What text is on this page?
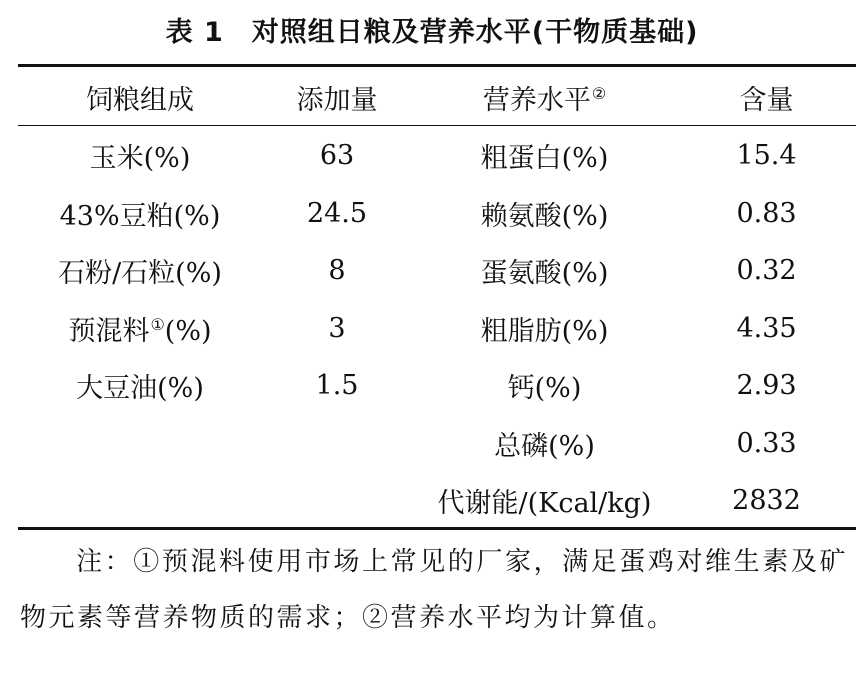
表 1　对照组日粮及营养水平(干物质基础)
饲粮组成	添加量	营养水平②	含量
玉米(%)	63	粗蛋白(%)	15.4
43%豆粕(%)	24.5	赖氨酸(%)	0.83
石粉/石粒(%)	8	蛋氨酸(%)	0.32
预混料①(%)	3	粗脂肪(%)	4.35
大豆油(%)	1.5	钙(%)	2.93
		总磷(%)	0.33
		代谢能/(Kcal/kg)	2832
注：①预混料使用市场上常见的厂家，满足蛋鸡对维生素及矿物元素等营养物质的需求；②营养水平均为计算值。
